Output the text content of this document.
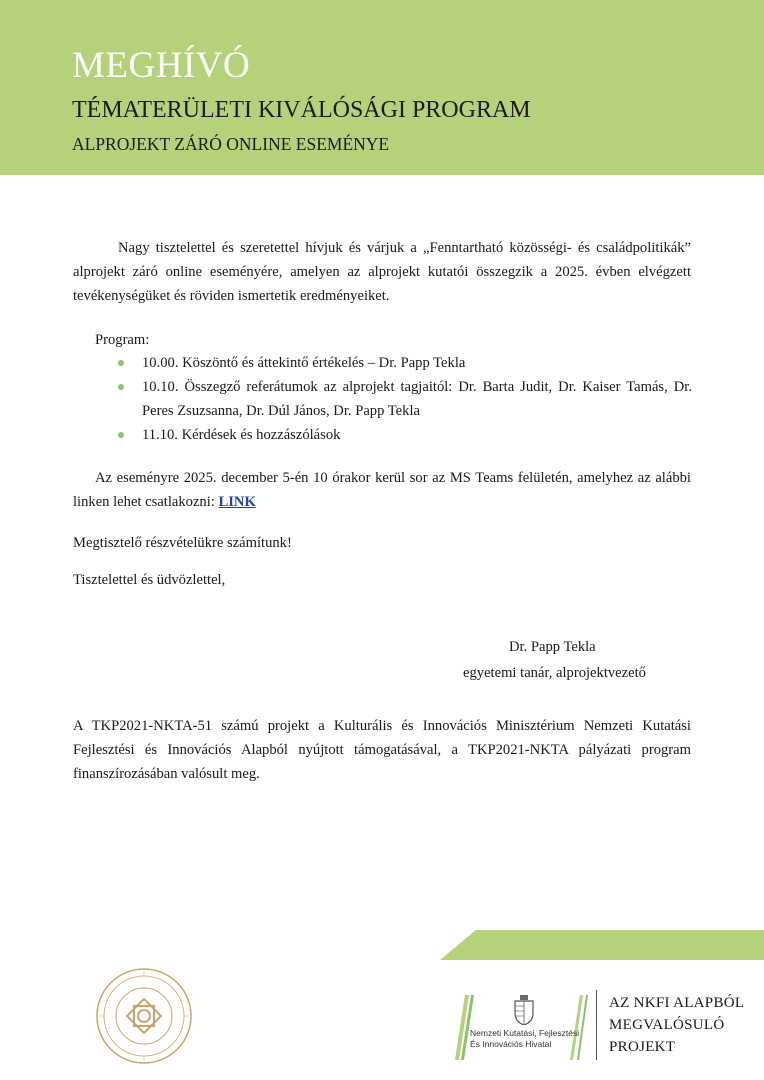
MEGHÍVÓ
TÉMATERÜLETI KIVÁLÓSÁGI PROGRAM
ALPROJEKT ZÁRÓ ONLINE ESEMÉNYE
Nagy tisztelettel és szeretettel hívjuk és várjuk a „Fenntartható közösségi- és családpolitikák” alprojekt záró online eseményére, amelyen az alprojekt kutatói összegzik a 2025. évben elvégzett tevékenységüket és röviden ismertetik eredményeiket.
Program:
10.00. Köszöntő és áttekintő értékelés – Dr. Papp Tekla
10.10. Összegző referátumok az alprojekt tagjaitól: Dr. Barta Judit, Dr. Kaiser Tamás, Dr. Peres Zsuzsanna, Dr. Dúl János, Dr. Papp Tekla
11.10. Kérdések és hozzászólások
Az eseményre 2025. december 5-én 10 órakor kerül sor az MS Teams felületén, amelyhez az alábbi linken lehet csatlakozni: LINK
Megtisztelő részvételükre számítunk!
Tisztelettel és üdvözlettel,
Dr. Papp Tekla
egyetemi tanár, alprojektvezető
A TKP2021-NKTA-51 számú projekt a Kulturális és Innovációs Minisztérium Nemzeti Kutatási Fejlesztési és Innovációs Alapból nyújtott támogatásával, a TKP2021-NKTA pályázati program finanszírozásában valósult meg.
Nemzeti Kutatási, Fejlesztési
És Innovációs Hivatal
AZ NKFI ALAPBÓL
MEGVALÓSULÓ
PROJEKT
